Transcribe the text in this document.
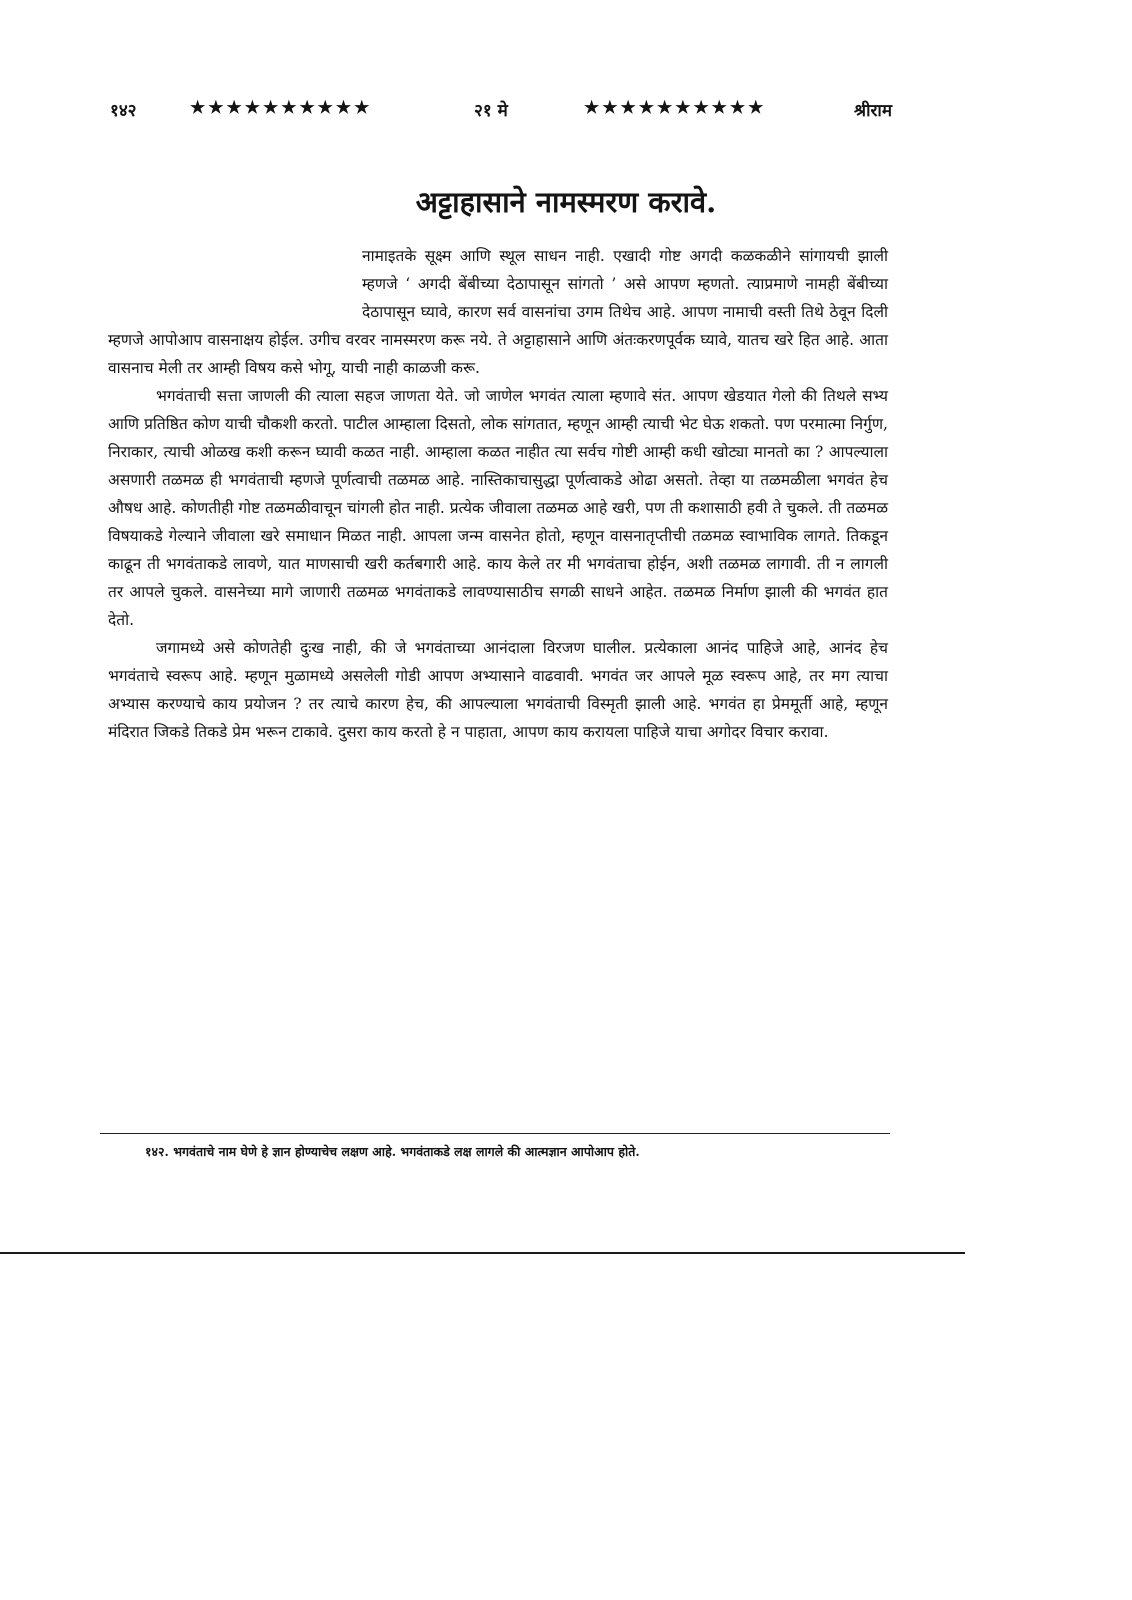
१४२	★★★★★★★★★★	२१ मे	★★★★★★★★★★	श्रीराम
अट्टाहासाने नामस्मरण करावे.

नामाइतके सूक्ष्म आणि स्थूल साधन नाही. एखादी गोष्ट अगदी कळकळीने सांगायची झाली म्हणजे ‘ अगदी बेंबीच्या देठापासून सांगतो ’ असे आपण म्हणतो. त्याप्रमाणे नामही बेंबीच्या देठापासून घ्यावे, कारण सर्व वासनांचा उगम तिथेच आहे. आपण नामाची वस्ती तिथे ठेवून दिली म्हणजे आपोआप वासनाक्षय होईल. उगीच वरवर नामस्मरण करू नये. ते अट्टाहासाने आणि अंतःकरणपूर्वक घ्यावे, यातच खरे हित आहे. आता वासनाच मेली तर आम्ही विषय कसे भोगू, याची नाही काळजी करू.

भगवंताची सत्ता जाणली की त्याला सहज जाणता येते. जो जाणेल भगवंत त्याला म्हणावे संत. आपण खेडयात गेलो की तिथले सभ्य आणि प्रतिष्ठित कोण याची चौकशी करतो. पाटील आम्हाला दिसतो, लोक सांगतात, म्हणून आम्ही त्याची भेट घेऊ शकतो. पण परमात्मा निर्गुण, निराकार, त्याची ओळख कशी करून घ्यावी कळत नाही. आम्हाला कळत नाहीत त्या सर्वच गोष्टी आम्ही कधी खोट्या मानतो का ? आपल्याला असणारी तळमळ ही भगवंताची म्हणजे पूर्णत्वाची तळमळ आहे. नास्तिकाचासुद्धा पूर्णत्वाकडे ओढा असतो. तेव्हा या तळमळीला भगवंत हेच औषध आहे. कोणतीही गोष्ट तळमळीवाचून चांगली होत नाही. प्रत्येक जीवाला तळमळ आहे खरी, पण ती कशासाठी हवी ते चुकले. ती तळमळ विषयाकडे गेल्याने जीवाला खरे समाधान मिळत नाही. आपला जन्म वासनेत होतो, म्हणून वासनातृप्तीची तळमळ स्वाभाविक लागते. तिकडून काढून ती भगवंताकडे लावणे, यात माणसाची खरी कर्तबगारी आहे. काय केले तर मी भगवंताचा होईन, अशी तळमळ लागावी. ती न लागली तर आपले चुकले. वासनेच्या मागे जाणारी तळमळ भगवंताकडे लावण्यासाठीच सगळी साधने आहेत. तळमळ निर्माण झाली की भगवंत हात देतो.

जगामध्ये असे कोणतेही दुःख नाही, की जे भगवंताच्या आनंदाला विरजण घालील. प्रत्येकाला आनंद पाहिजे आहे, आनंद हेच भगवंताचे स्वरूप आहे. म्हणून मुळामध्ये असलेली गोडी आपण अभ्यासाने वाढवावी. भगवंत जर आपले मूळ स्वरूप आहे, तर मग त्याचा अभ्यास करण्याचे काय प्रयोजन ? तर त्याचे कारण हेच, की आपल्याला भगवंताची विस्मृती झाली आहे. भगवंत हा प्रेममूर्ती आहे, म्हणून मंदिरात जिकडे तिकडे प्रेम भरून टाकावे. दुसरा काय करतो हे न पाहाता, आपण काय करायला पाहिजे याचा अगोदर विचार करावा.

१४२. भगवंताचे नाम घेणे हे ज्ञान होण्याचेच लक्षण आहे. भगवंताकडे लक्ष लागले की आत्मज्ञान आपोआप होते.
